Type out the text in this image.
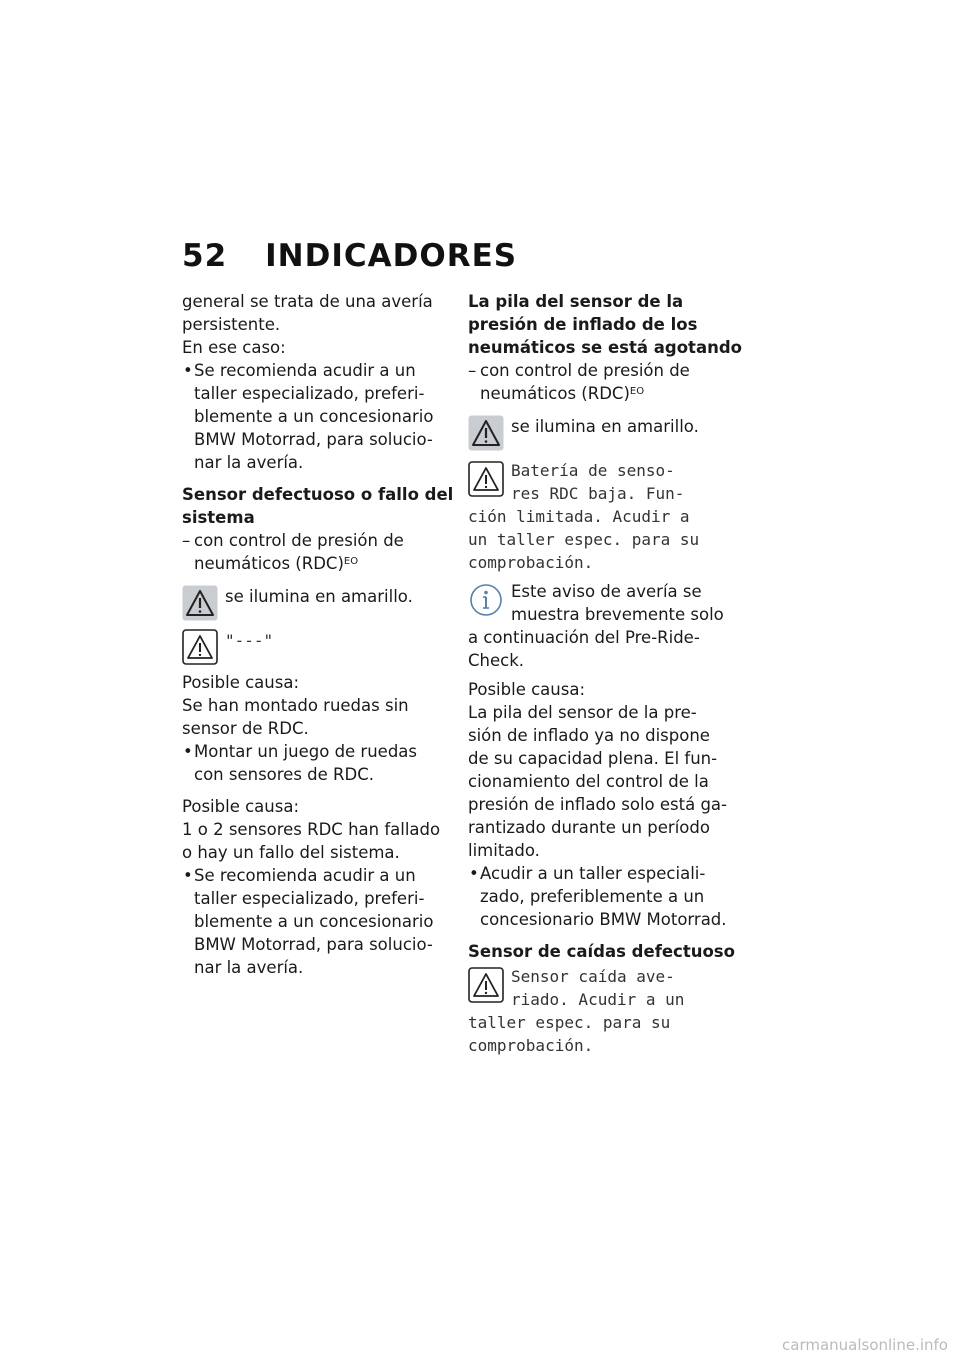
52 INDICADORES

general se trata de una avería

persistente.

En ese caso:

• Se recomienda acudir a un

taller especializado, preferi-

blemente a un concesionario

BMW Motorrad, para solucio-

nar la avería.

Sensor defectuoso o fallo del
sistema
– con control de presión de

neumáticos (RDC)$^{EO}$

se ilumina en amarillo.

"---"

Posible causa:

Se han montado ruedas sin

sensor de RDC.

• Montar un juego de ruedas

con sensores de RDC.

Posible causa:

1 o 2 sensores RDC han fallado

o hay un fallo del sistema.

• Se recomienda acudir a un

taller especializado, preferi-

blemente a un concesionario

BMW Motorrad, para solucio-

nar la avería.

La pila del sensor de la
presión de inflado de los
neumáticos se está agotando
– con control de presión de

neumáticos (RDC)$^{EO}$

se ilumina en amarillo.

Batería de senso-
res RDC baja. Fun-
ción limitada. Acudir a
un taller espec. para su
comprobación.
Este aviso de avería se
muestra brevemente solo
a continuación del Pre-Ride-
Check.

Posible causa:

La pila del sensor de la pre-

sión de inflado ya no dispone

de su capacidad plena. El fun-

cionamiento del control de la

presión de inflado solo está ga-

rantizado durante un período

limitado.

• Acudir a un taller especiali-

zado, preferiblemente a un

concesionario BMW Motorrad.

Sensor de caídas defectuoso
Sensor caída ave-
riado. Acudir a un
taller espec. para su
comprobación.
carmanualsonline.info
